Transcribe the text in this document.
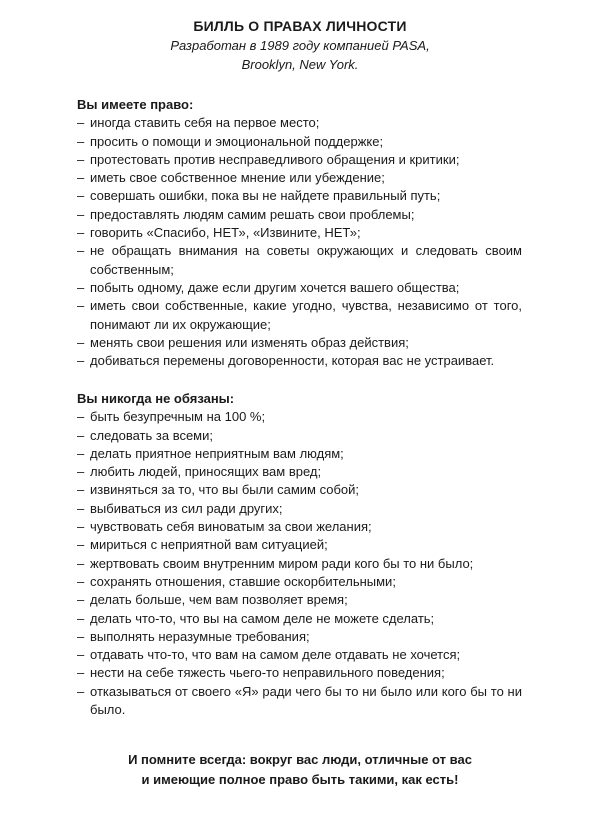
БИЛЛЬ О ПРАВАХ ЛИЧНОСТИ
Разработан в 1989 году компанией PASA,
Brooklyn, New York.

Вы имеете право:

– иногда ставить себя на первое место;
– просить о помощи и эмоциональной поддержке;
– протестовать против несправедливого обращения и критики;
– иметь свое собственное мнение или убеждение;
– совершать ошибки, пока вы не найдете правильный путь;
– предоставлять людям самим решать свои проблемы;
– говорить «Спасибо, НЕТ», «Извините, НЕТ»;
– не обращать внимания на советы окружающих и следовать своим собственным;
– побыть одному, даже если другим хочется вашего общества;
– иметь свои собственные, какие угодно, чувства, независимо от того, понимают ли их окружающие;
– менять свои решения или изменять образ действия;
– добиваться перемены договоренности, которая вас не устраивает.

Вы никогда не обязаны:

– быть безупречным на 100 %;
– следовать за всеми;
– делать приятное неприятным вам людям;
– любить людей, приносящих вам вред;
– извиняться за то, что вы были самим собой;
– выбиваться из сил ради других;
– чувствовать себя виноватым за свои желания;
– мириться с неприятной вам ситуацией;
– жертвовать своим внутренним миром ради кого бы то ни было;
– сохранять отношения, ставшие оскорбительными;
– делать больше, чем вам позволяет время;
– делать что-то, что вы на самом деле не можете сделать;
– выполнять неразумные требования;
– отдавать что-то, что вам на самом деле отдавать не хочется;
– нести на себе тяжесть чьего-то неправильного поведения;
– отказываться от своего «Я» ради чего бы то ни было или кого бы то ни было.
И помните всегда: вокруг вас люди, отличные от вас
и имеющие полное право быть такими, как есть!
